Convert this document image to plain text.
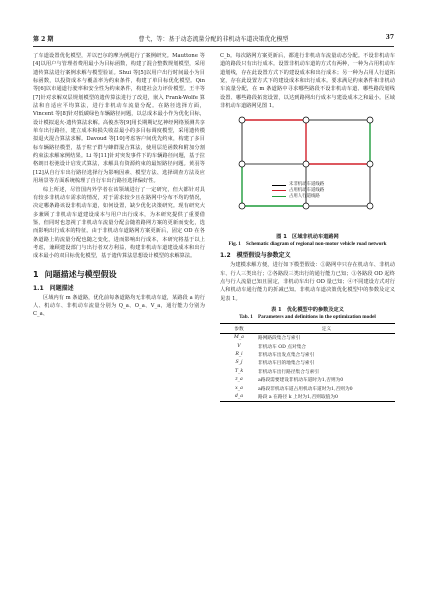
第 2 期	曹弋，等：基于动态流量分配的非机动车道决策优化模型	37

了车道设置优化模型，并以巴尔的摩为例进行了案例研究。Mauttone 等[4]以用户与管理者费用最小为目标函数，构建了混合整数规划模型，采用遗传算法进行案例求解与模型验证。Shui 等[5]以用户出行时间最小为目标函数，以投资成本与覆盖率为约束条件，构建了单目标优化模型。Qin 等[6]以市通道行驶率和安全性为约束条件，构建社会力评价模型。王丰等[7]针对求解双层规划模型的遗传算法进行了改进，嵌入 Frank-Wolfe 算法和自适应平均算法，进行非机动车流量分配。在路径选择方面，Vincent 等[8]针对低碳绿色车辆路径问题，以总成本最小作为优化目标，设计模拟退火-遗传算法求解。高俊杰等[9]用长期期记忆神经网络预测共享单车出行路径，建立成本和损失收益最小的多目标调度模型，采用遗传模拟退火混合算法求解。Davoud 等[10]考虑客户间优先约束，构建了多目标车辆路径模型，基于粒子群与蜂群混合算法，使用层范函数和附加分割约束法求解家例结果。Li 等[11]针对突发事件下的车辆路径问题，基于拉格朗日松弛设计启发式算法，求解具有资源约束的最短路径问题。黄羽等[12]从自行车出行路径选择行为影响因素、模型方法、选择调查方法及应用场景等方面系统梳理了自行车出行路径选择偏好性。

综上所述，尽管国内外学者在该领域进行了一定研究，但大都针对具有较多非机动车需求的情况，对于需求较少且在路网中分布不均的情况，决定哪条路该设非机动车道，如何设置，缺少优化决策研究。现有研究大多兼顾了非机动车道建设成本与用户出行成本，为本研究提供了重要借鉴，但同时也忽视了非机动车流量分配会随着路网方案的更新而变化，选而影响出行成本的特征。由于非机动车道路网方案更新后，固定 OD 在各条道路上的流量分配也随之变化，进而影响出行成本，本研究将基于以上考虑，兼顾建设部门与出行者双方利益，构建非机动车道建设成本和出行成本最小的双目标优化模型，基于遗传算法思想设计模型的求解算法。

1 问题描述与模型假设
1.1 问题描述

区域内有 m 条道路，优化前每条道路均无非机动车道，某路段 a 的行人、机动车、非机动车流量分别为 Q_a、O_a、V_a，通行能力分别为 C_a、

C_b。每次路网方案更新后，都进行非机动车流量动态分配。不设非机动车道的路段只有出行成本。设置非机动车道的方式有两种，一种为占用机动车道划线，存在此设置方式下的建设成本和出行成本；另一种为占用人行道拓宽，存在此设置方式下的建设成本和出行成本。要求满足约束条件和非机动车流量分配，在 m 条道路中寻求哪些路段不设非机动车道、哪些路段划线设置、哪些路段拓宽设置，以达到路网出行成本与建设成本之和最小。区域非机动车道路网见图 1。

未非机动车道线路
占用机动车道线路
占用人行道线路
图 1　区域非机动车道路网
Fig. 1　Schematic diagram of regional non-motor vehicle road network
1.2 模型假设与参数定义

为建模求解方便，进行如下模型假设：①路网中只存在机动车、非机动车、行人三类出行；②各路段三类出行的通行能力已知；③各路段 OD 起终点与行人流量已知且固定，非机动车出行 OD 量已知；④不同建设方式对行人和机动车通行能力的折减已知。非机动车道决策优化模型中的参数及定义见表 1。

表 1　优化模型中的参数及定义
Tab. 1　Parameters and definitions in the optimization model
参数	定义
M_a	路网路段集合与索引
V	非机动车 OD 点对集合
R_i	非机动车出发点集合与索引
S_j	非机动车目的地集合与索引
T_k	非机动车出行路径集合与索引
z_a	a路段需要建设非机动车道时为1,否则为0
x_a	a路段非机动车道占用机动车道时为1,否则为0
d_a	路段 a 在路径 k 上时为1,否则取值为0
